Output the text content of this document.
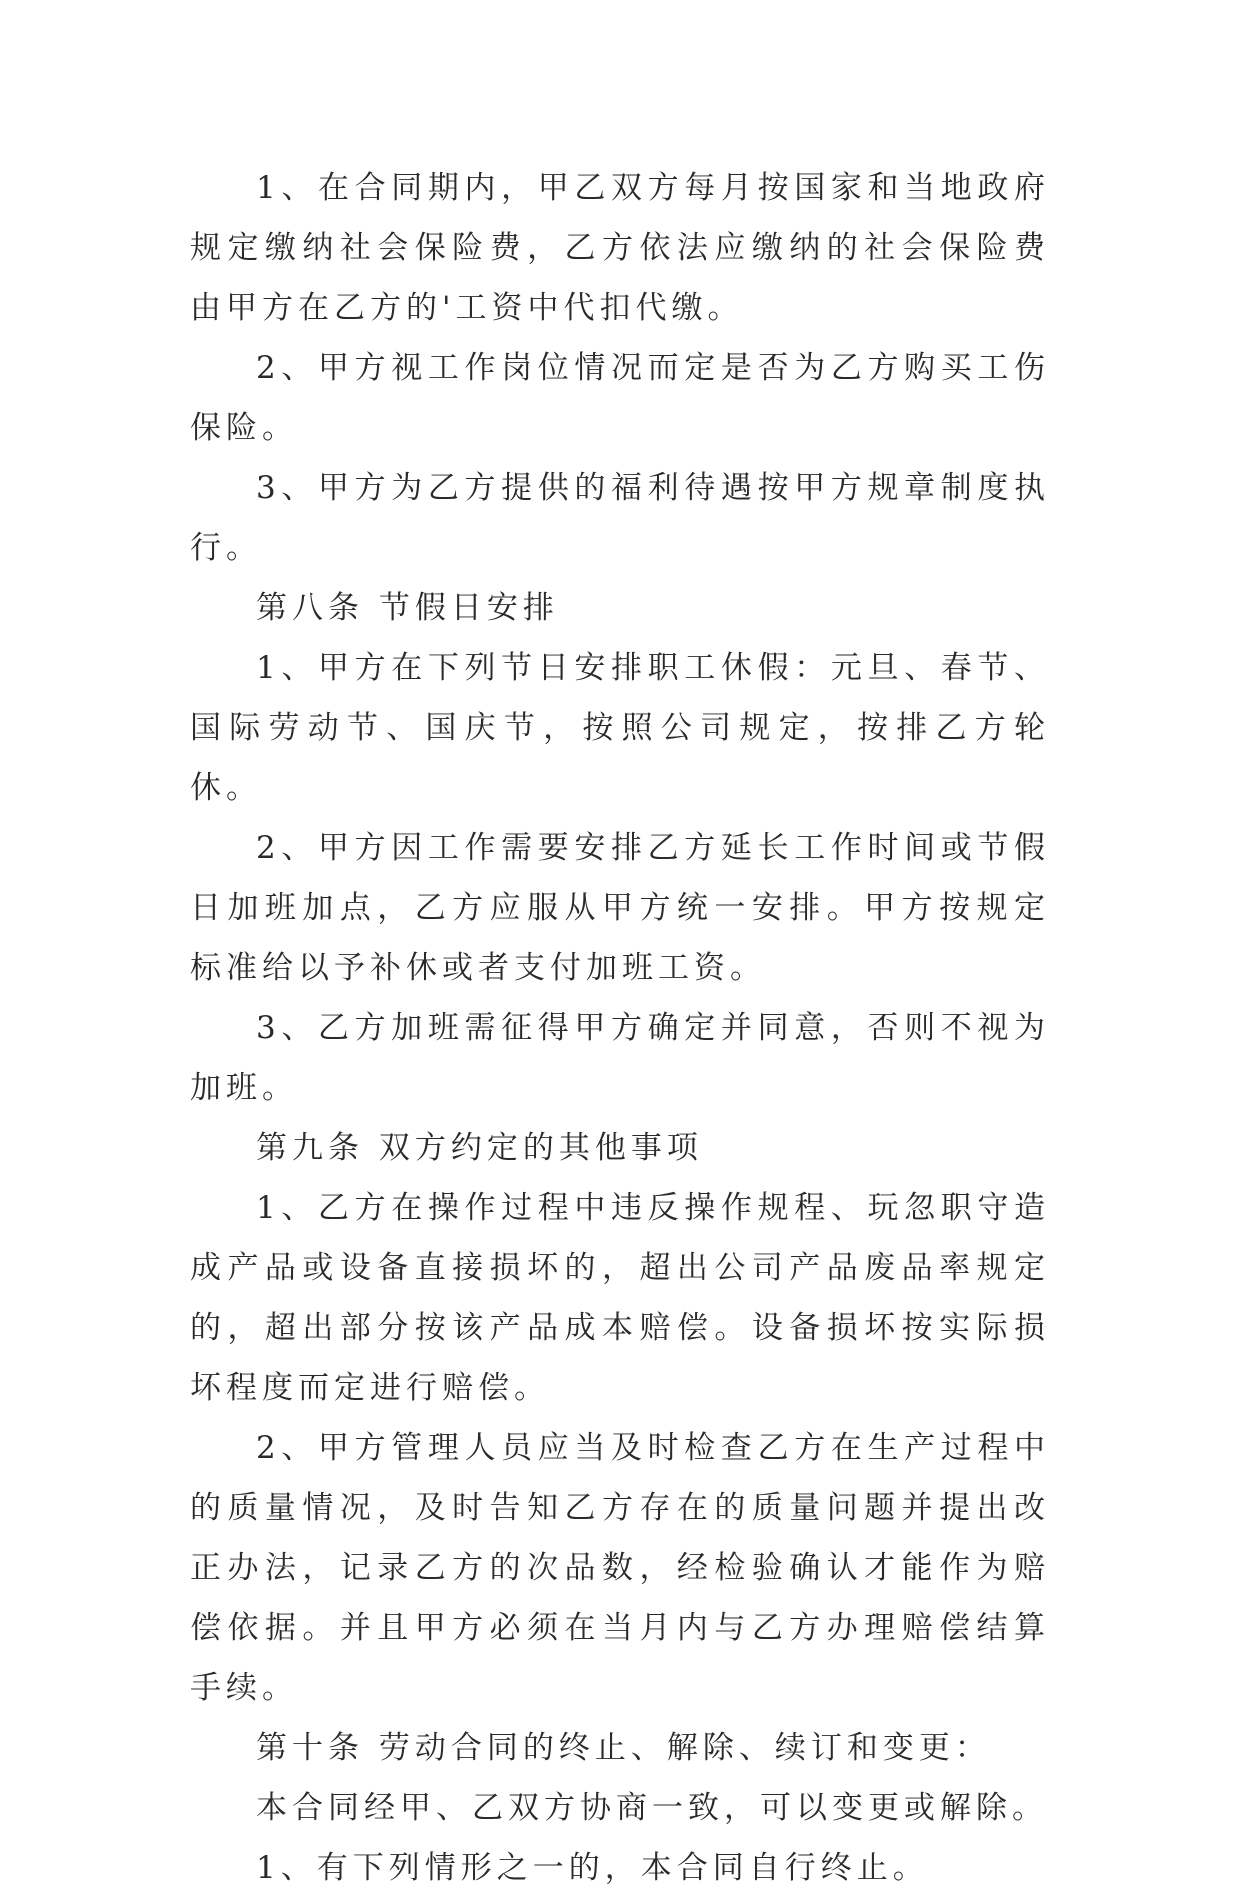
1、在合同期内，甲乙双方每月按国家和当地政府规定缴纳社会保险费，乙方依法应缴纳的社会保险费由甲方在乙方的'工资中代扣代缴。

2、甲方视工作岗位情况而定是否为乙方购买工伤保险。

3、甲方为乙方提供的福利待遇按甲方规章制度执行。

第八条 节假日安排

1、甲方在下列节日安排职工休假：元旦、春节、国际劳动节、国庆节，按照公司规定，按排乙方轮休。

2、甲方因工作需要安排乙方延长工作时间或节假日加班加点，乙方应服从甲方统一安排。甲方按规定标准给以予补休或者支付加班工资。

3、乙方加班需征得甲方确定并同意，否则不视为加班。

第九条 双方约定的其他事项

1、乙方在操作过程中违反操作规程、玩忽职守造成产品或设备直接损坏的，超出公司产品废品率规定的，超出部分按该产品成本赔偿。设备损坏按实际损坏程度而定进行赔偿。

2、甲方管理人员应当及时检查乙方在生产过程中的质量情况，及时告知乙方存在的质量问题并提出改正办法，记录乙方的次品数，经检验确认才能作为赔偿依据。并且甲方必须在当月内与乙方办理赔偿结算手续。

第十条 劳动合同的终止、解除、续订和变更：

本合同经甲、乙双方协商一致，可以变更或解除。

1、有下列情形之一的，本合同自行终止。
